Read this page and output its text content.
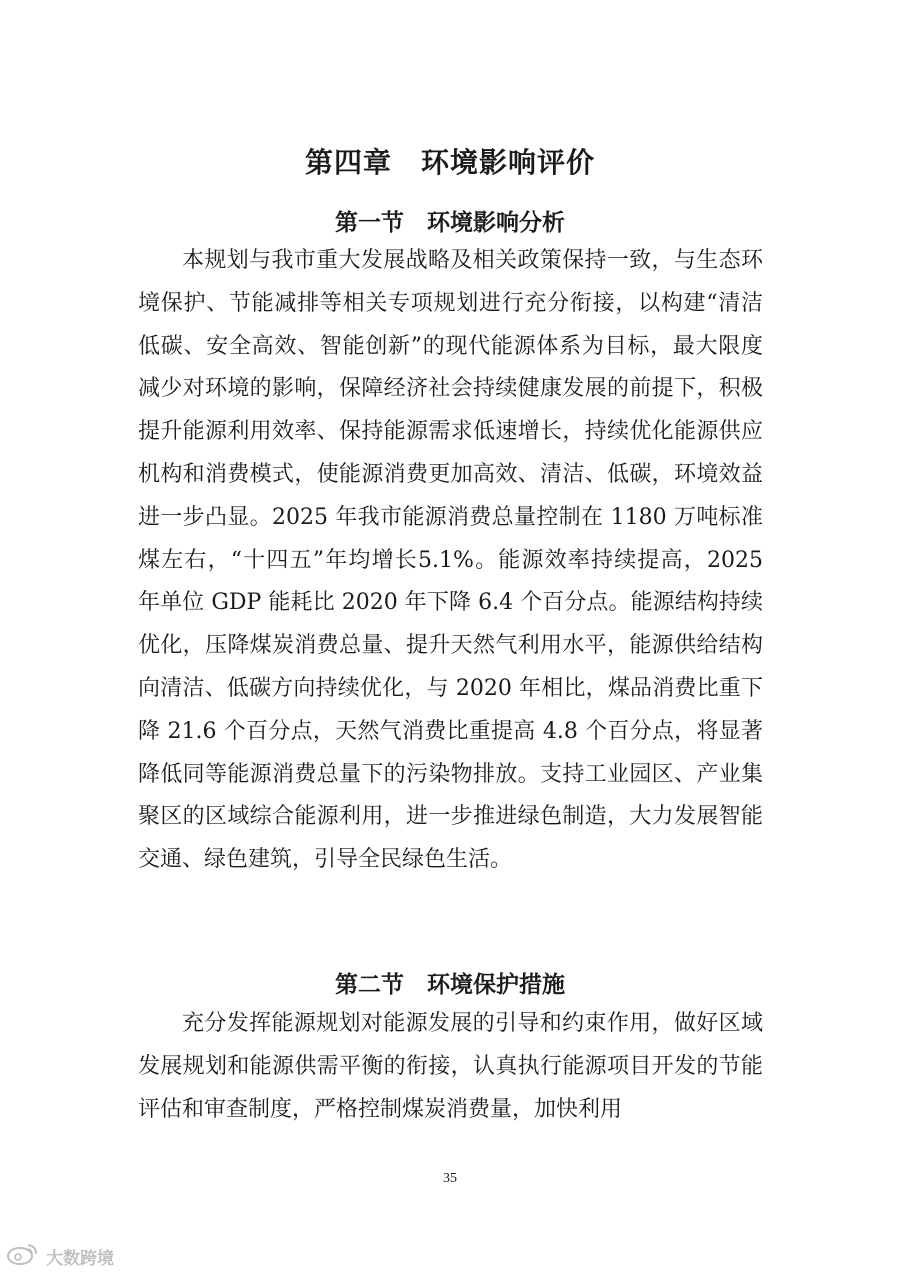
第四章　环境影响评价
第一节　环境影响分析

本规划与我市重大发展战略及相关政策保持一致，与生态环境保护、节能减排等相关专项规划进行充分衔接，以构建“清洁低碳、安全高效、智能创新”的现代能源体系为目标，最大限度减少对环境的影响，保障经济社会持续健康发展的前提下，积极提升能源利用效率、保持能源需求低速增长，持续优化能源供应机构和消费模式，使能源消费更加高效、清洁、低碳，环境效益进一步凸显。2025 年我市能源消费总量控制在 1180 万吨标准煤左右，“十四五”年均增长5.1%。能源效率持续提高，2025 年单位 GDP 能耗比 2020 年下降 6.4 个百分点。能源结构持续优化，压降煤炭消费总量、提升天然气利用水平，能源供给结构向清洁、低碳方向持续优化，与 2020 年相比，煤品消费比重下降 21.6 个百分点，天然气消费比重提高 4.8 个百分点，将显著降低同等能源消费总量下的污染物排放。支持工业园区、产业集聚区的区域综合能源利用，进一步推进绿色制造，大力发展智能交通、绿色建筑，引导全民绿色生活。

第二节　环境保护措施

充分发挥能源规划对能源发展的引导和约束作用，做好区域发展规划和能源供需平衡的衔接，认真执行能源项目开发的节能评估和审查制度，严格控制煤炭消费量，加快利用

35
大数跨境
